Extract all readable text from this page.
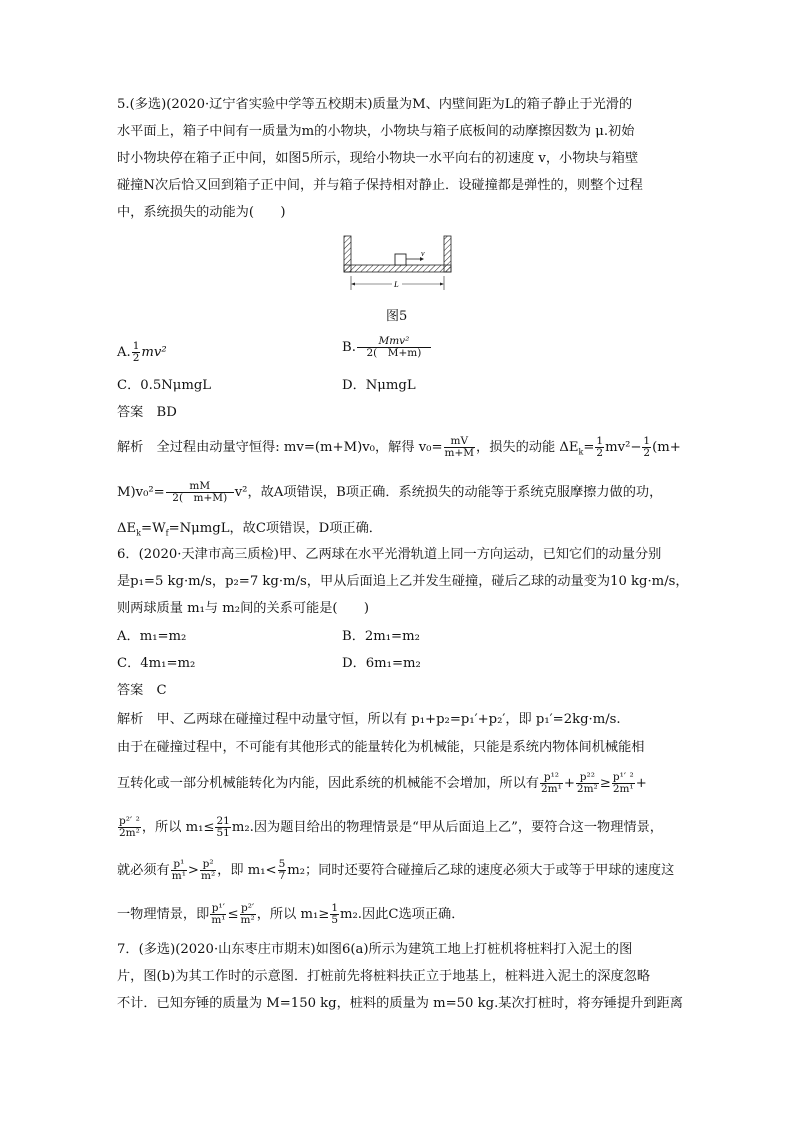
5.(多选)(2020·辽宁省实验中学等五校期末)质量为M、内壁间距为L的箱子静止于光滑的
水平面上，箱子中间有一质量为m的小物块，小物块与箱子底板间的动摩擦因数为 μ.初始
时小物块停在箱子正中间，如图5所示，现给小物块一水平向右的初速度 v，小物块与箱壁
碰撞N次后恰又回到箱子正中间，并与箱子保持相对静止．设碰撞都是弹性的，则整个过程
中，系统损失的动能为(　　)
v
L
图5
A. $\frac{1}{2} mv^2$	B.	Mmv²
2(　M+m)
C．0.5NμmgL	D．NμmgL
答案　BD
解析　全过程由动量守恒得: mv=(m+M)v₀，解得 $v_0= \frac{mV}{m+M}$ ，损失的动能 $\Delta E_k= \frac{1}{2} mv^2- \frac{1}{2} (m+$
$M)v_0^2= \frac{mM}{2( m+M)} v^2$，故A项错误，B项正确．系统损失的动能等于系统克服摩擦力做的功，
$\Delta E_k=W_f=N\mu mgL$，故C项错误，D项正确．
6．(2020·天津市高三质检)甲、乙两球在水平光滑轨道上同一方向运动，已知它们的动量分别
是p₁=5 kg·m/s，p₂=7 kg·m/s，甲从后面追上乙并发生碰撞，碰后乙球的动量变为10 kg·m/s，
则两球质量 m₁与 m₂间的关系可能是(　　)
A．m₁=m₂	B．2m₁=m₂
C．4m₁=m₂	D．6m₁=m₂
答案　C
解析　甲、乙两球在碰撞过程中动量守恒，所以有 p₁+p₂=p₁′+p₂′，即 p₁′=2kg·m/s.
由于在碰撞过程中，不可能有其他形式的能量转化为机械能，只能是系统内物体间机械能相
互转化或一部分机械能转化为内能，因此系统的机械能不会增加，所以有 $\frac{\text{p¹²}}{\text{2m¹}} + \frac{\text{p²²}}{\text{2m²}} \ge \frac{\text{p¹′ ²}}{\text{2m¹}}$ +
$\frac{\text{p²′ ²}}{\text{2m²}}$ ，所以 $m_1\le \frac{21}{51} m_2$.因为题目给出的物理情景是“甲从后面追上乙”，要符合这一物理情景，
就必须有 $\frac{\text{p¹}}{\text{m¹}} > \frac{\text{p²}}{\text{m²}}$ ，即 $m_1< \frac{5}{7} m_2$；同时还要符合碰撞后乙球的速度必须大于或等于甲球的速度这
一物理情景，即 $\frac{\text{p¹′}}{\text{m¹}} \le \frac{\text{p²′}}{\text{m²}}$ ，所以 $m_1\ge \frac{1}{5} m_2$.因此C选项正确．
7．(多选)(2020·山东枣庄市期末)如图6(a)所示为建筑工地上打桩机将桩料打入泥土的图
片，图(b)为其工作时的示意图．打桩前先将桩料扶正立于地基上，桩料进入泥土的深度忽略
不计．已知夯锤的质量为 M=150 kg，桩料的质量为 m=50 kg.某次打桩时，将夯锤提升到距离
